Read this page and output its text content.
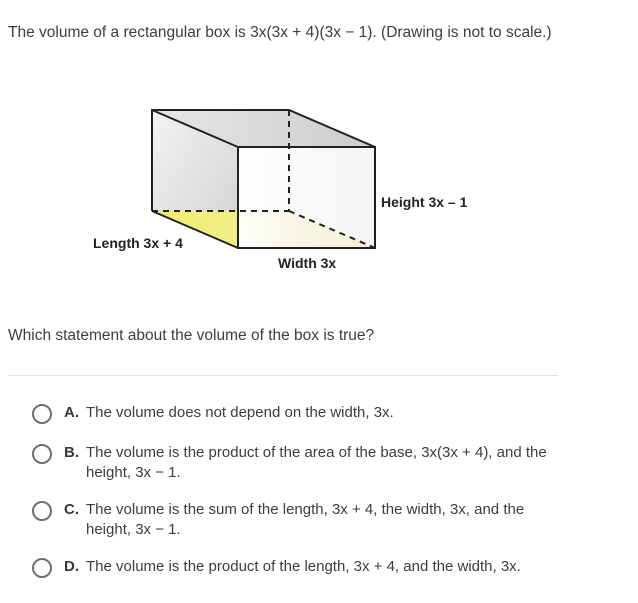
The volume of a rectangular box is 3x(3x + 4)(3x − 1). (Drawing is not to scale.)
Length 3x + 4
Width 3x
Height 3x – 1
Which statement about the volume of the box is true?
A. The volume does not depend on the width, 3x.
B. The volume is the product of the area of the base, 3x(3x + 4), and the height, 3x − 1.
C. The volume is the sum of the length, 3x + 4, the width, 3x, and the height, 3x − 1.
D. The volume is the product of the length, 3x + 4, and the width, 3x.
